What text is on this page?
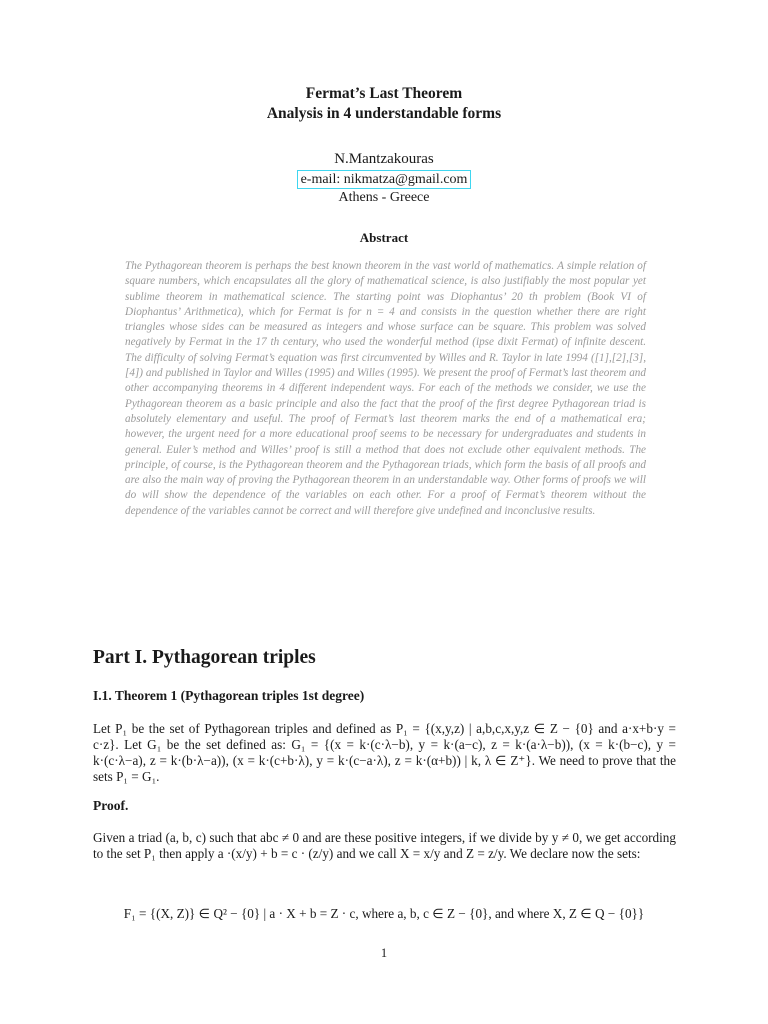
Fermat’s Last Theorem
Analysis in 4 understandable forms
N.Mantzakouras
e-mail: nikmatza@gmail.com
Athens - Greece
Abstract
The Pythagorean theorem is perhaps the best known theorem in the vast world of mathematics. A simple relation of square numbers, which encapsulates all the glory of mathematical science, is also justifiably the most popular yet sublime theorem in mathematical science. The starting point was Diophantus’ 20 th problem (Book VI of Diophantus’ Arithmetica), which for Fermat is for n = 4 and consists in the question whether there are right triangles whose sides can be measured as integers and whose surface can be square. This problem was solved negatively by Fermat in the 17 th century, who used the wonderful method (ipse dixit Fermat) of infinite descent. The difficulty of solving Fermat’s equation was first circumvented by Willes and R. Taylor in late 1994 ([1],[2],[3],[4]) and published in Taylor and Willes (1995) and Willes (1995). We present the proof of Fermat’s last theorem and other accompanying theorems in 4 different independent ways. For each of the methods we consider, we use the Pythagorean theorem as a basic principle and also the fact that the proof of the first degree Pythagorean triad is absolutely elementary and useful. The proof of Fermat’s last theorem marks the end of a mathematical era; however, the urgent need for a more educational proof seems to be necessary for undergraduates and students in general. Euler’s method and Willes’ proof is still a method that does not exclude other equivalent methods. The principle, of course, is the Pythagorean theorem and the Pythagorean triads, which form the basis of all proofs and are also the main way of proving the Pythagorean theorem in an understandable way. Other forms of proofs we will do will show the dependence of the variables on each other. For a proof of Fermat’s theorem without the dependence of the variables cannot be correct and will therefore give undefined and inconclusive results.
Part I. Pythagorean triples
I.1. Theorem 1 (Pythagorean triples 1st degree)
Let P₁ be the set of Pythagorean triples and defined as P₁ = {(x,y,z) | a,b,c,x,y,z ∈ Z − {0} and a·x+b·y = c·z}. Let G₁ be the set defined as: G₁ = {(x = k·(c·λ−b), y = k·(a−c), z = k·(a·λ−b)), (x = k·(b−c), y = k·(c·λ−a), z = k·(b·λ−a)), (x = k·(c+b·λ), y = k·(c−a·λ), z = k·(α+b)) | k, λ ∈ Z⁺}. We need to prove that the sets P₁ = G₁.
Proof.
Given a triad (a, b, c) such that abc ≠ 0 and are these positive integers, if we divide by y ≠ 0, we get according to the set P₁ then apply a ·(x/y) + b = c · (z/y) and we call X = x/y and Z = z/y. We declare now the sets:
F₁ = {(X, Z)} ∈ Q² − {0} | a · X + b = Z · c, where a, b, c ∈ Z − {0}, and where X, Z ∈ Q − {0}}
1
